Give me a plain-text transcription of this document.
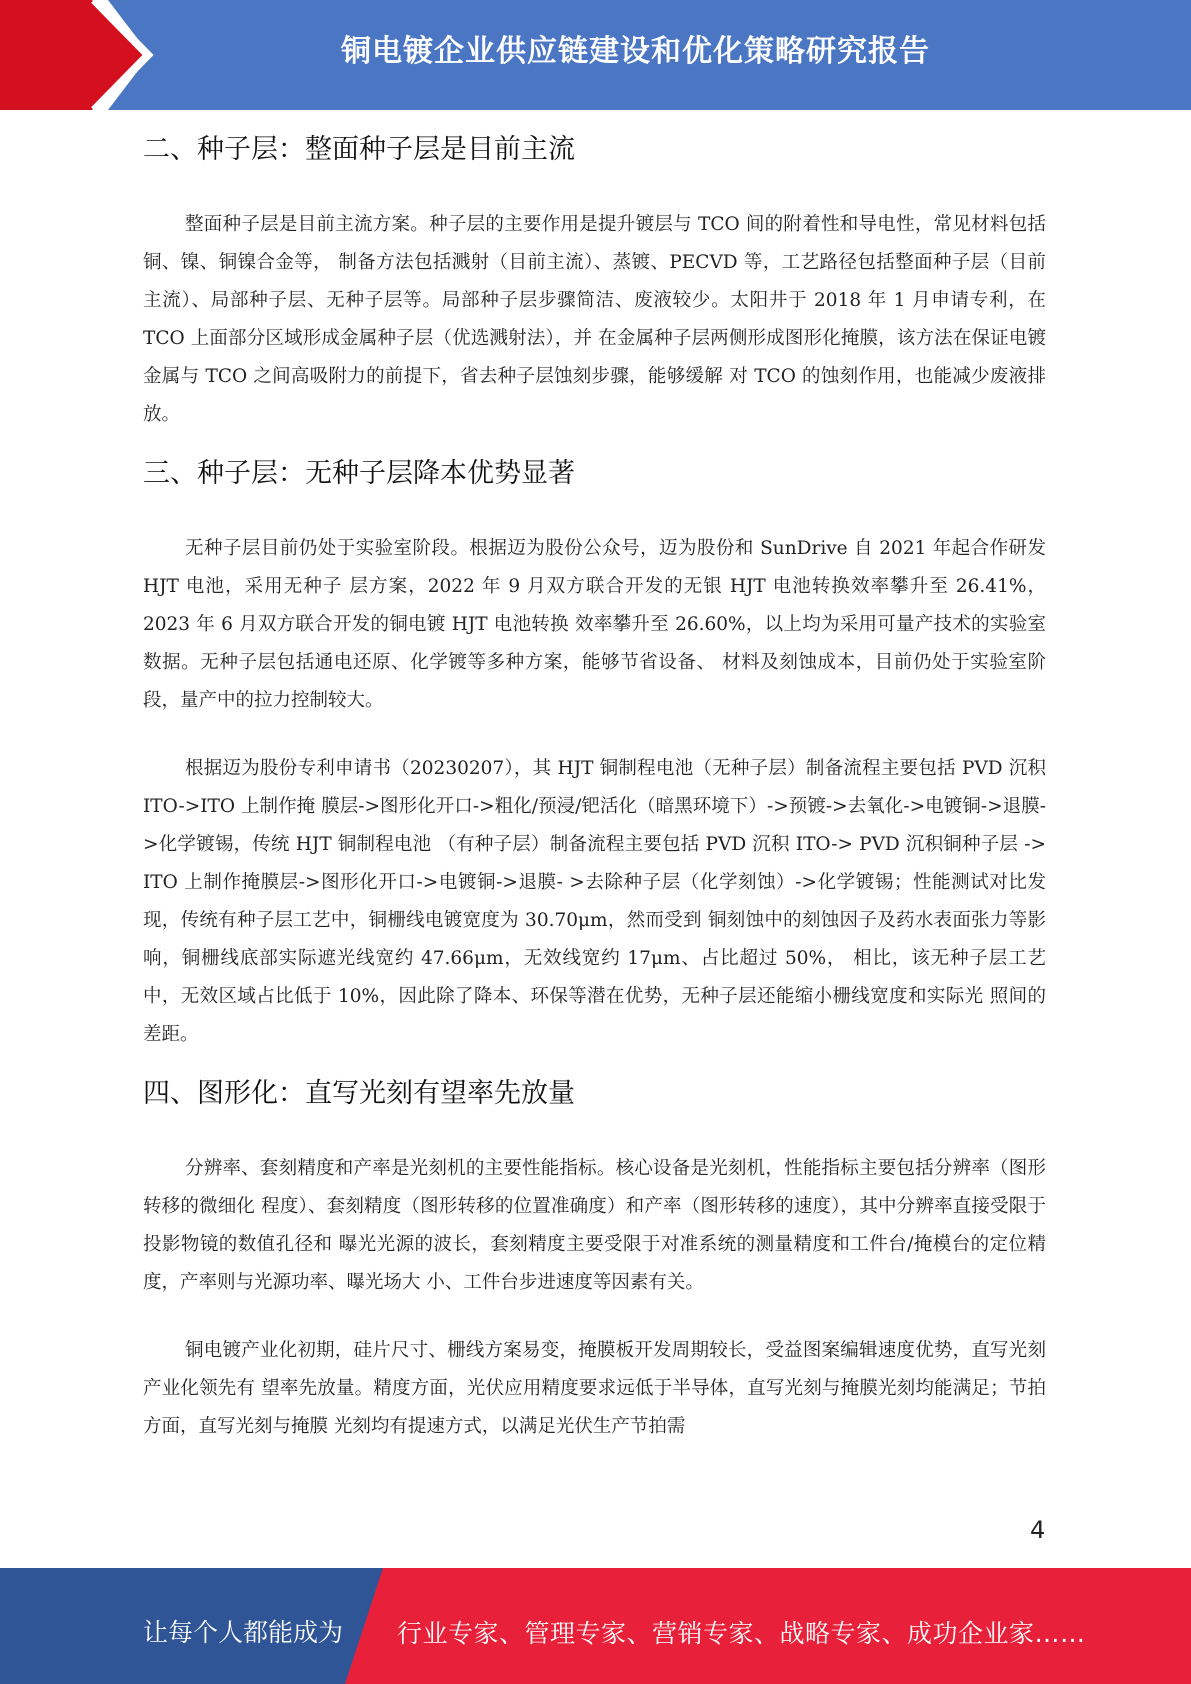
铜电镀企业供应链建设和优化策略研究报告
二、种子层：整面种子层是目前主流

整面种子层是目前主流方案。种子层的主要作用是提升镀层与 TCO 间的附着性和导电性，常见材料包括铜、镍、铜镍合金等， 制备方法包括溅射（目前主流）、蒸镀、PECVD 等，工艺路径包括整面种子层（目前主流）、局部种子层、无种子层等。局部种子层步骤简洁、废液较少。太阳井于 2018 年 1 月申请专利，在 TCO 上面部分区域形成金属种子层（优选溅射法），并 在金属种子层两侧形成图形化掩膜，该方法在保证电镀金属与 TCO 之间高吸附力的前提下，省去种子层蚀刻步骤，能够缓解 对 TCO 的蚀刻作用，也能减少废液排放。

三、种子层：无种子层降本优势显著

无种子层目前仍处于实验室阶段。根据迈为股份公众号，迈为股份和 SunDrive 自 2021 年起合作研发 HJT 电池，采用无种子 层方案，2022 年 9 月双方联合开发的无银 HJT 电池转换效率攀升至 26.41%，2023 年 6 月双方联合开发的铜电镀 HJT 电池转换 效率攀升至 26.60%，以上均为采用可量产技术的实验室数据。无种子层包括通电还原、化学镀等多种方案，能够节省设备、 材料及刻蚀成本，目前仍处于实验室阶段，量产中的拉力控制较大。

根据迈为股份专利申请书（20230207），其 HJT 铜制程电池（无种子层）制备流程主要包括 PVD 沉积 ITO->ITO 上制作掩 膜层->图形化开口->粗化/预浸/钯活化（暗黑环境下）->预镀->去氧化->电镀铜->退膜->化学镀锡，传统 HJT 铜制程电池 （有种子层）制备流程主要包括 PVD 沉积 ITO-> PVD 沉积铜种子层 -> ITO 上制作掩膜层->图形化开口->电镀铜->退膜- >去除种子层（化学刻蚀）->化学镀锡；性能测试对比发现，传统有种子层工艺中，铜栅线电镀宽度为 30.70μm，然而受到 铜刻蚀中的刻蚀因子及药水表面张力等影响，铜栅线底部实际遮光线宽约 47.66μm，无效线宽约 17μm、占比超过 50%， 相比，该无种子层工艺中，无效区域占比低于 10%，因此除了降本、环保等潜在优势，无种子层还能缩小栅线宽度和实际光 照间的差距。

四、图形化：直写光刻有望率先放量

分辨率、套刻精度和产率是光刻机的主要性能指标。核心设备是光刻机，性能指标主要包括分辨率（图形转移的微细化 程度）、套刻精度（图形转移的位置准确度）和产率（图形转移的速度），其中分辨率直接受限于投影物镜的数值孔径和 曝光光源的波长，套刻精度主要受限于对准系统的测量精度和工件台/掩模台的定位精度，产率则与光源功率、曝光场大 小、工件台步进速度等因素有关。

铜电镀产业化初期，硅片尺寸、栅线方案易变，掩膜板开发周期较长，受益图案编辑速度优势，直写光刻产业化领先有 望率先放量。精度方面，光伏应用精度要求远低于半导体，直写光刻与掩膜光刻均能满足；节拍方面，直写光刻与掩膜 光刻均有提速方式，以满足光伏生产节拍需

4
让每个人都能成为 行业专家、管理专家、营销专家、战略专家、成功企业家……
